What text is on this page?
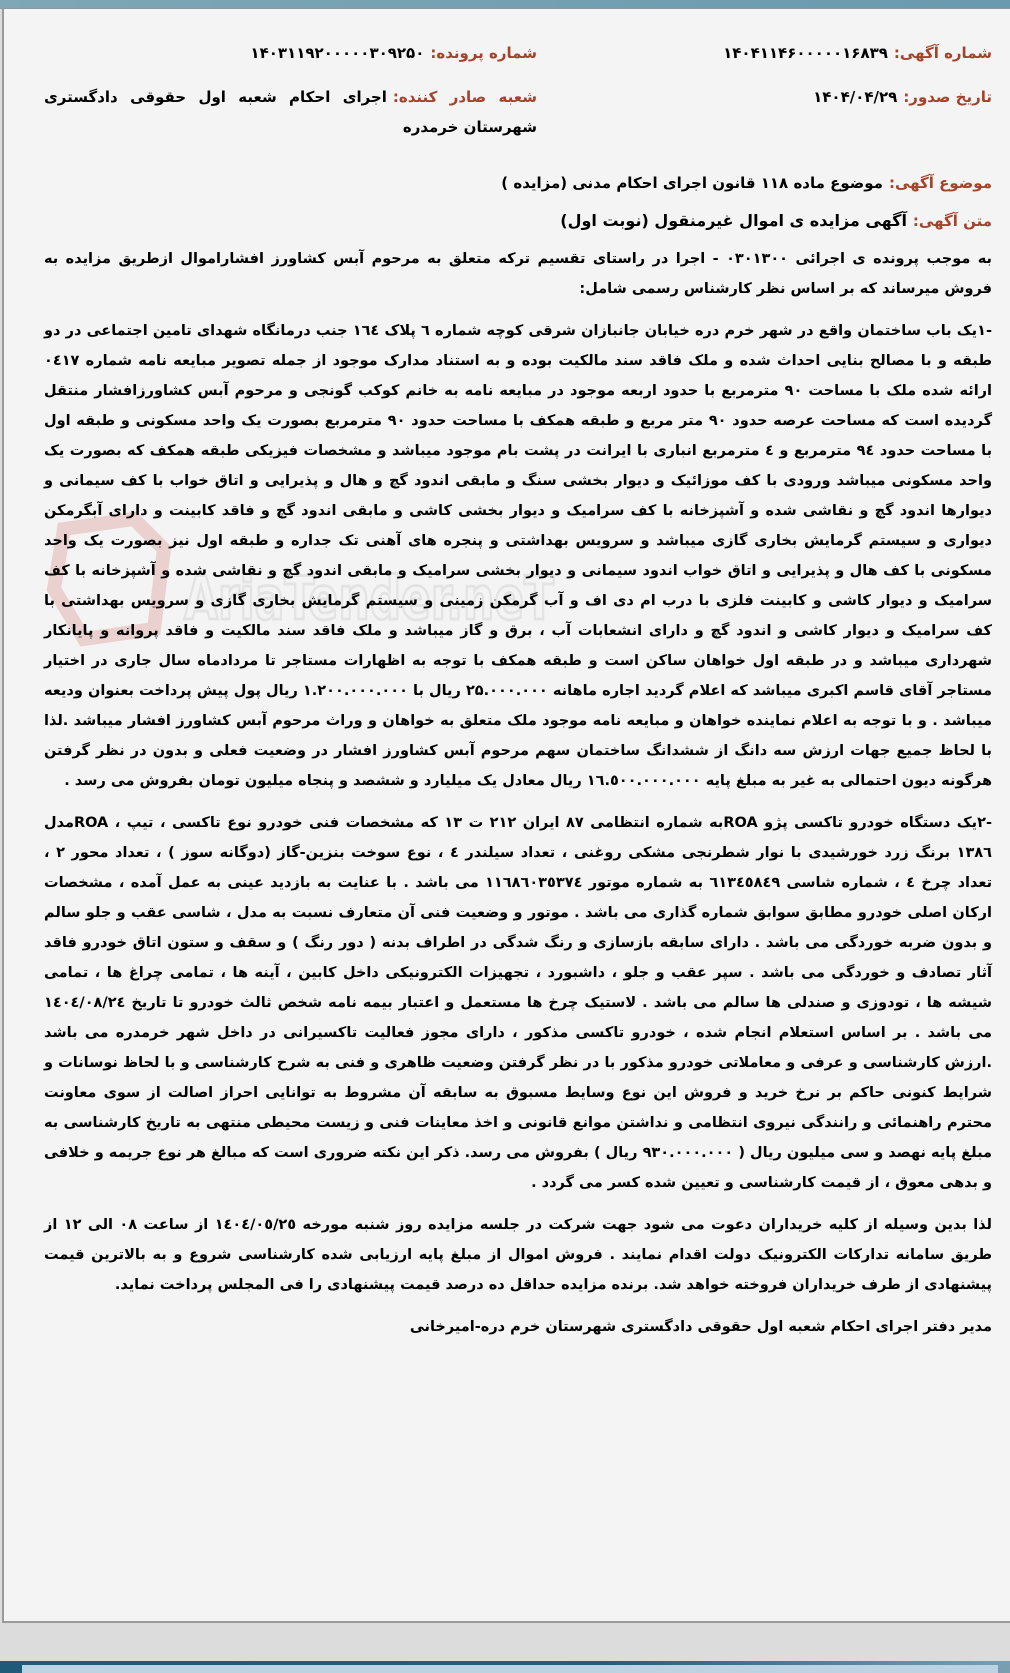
AriaTender.neT
شماره آگهی:۱۴۰۴۱۱۴۶۰۰۰۰۰۱۶۸۳۹
شماره پرونده:۱۴۰۳۱۱۹۲۰۰۰۰۰۳۰۹۲۵۰
تاریخ صدور:۱۴۰۴/۰۴/۲۹
شعبه صادر کننده:اجرای احکام شعبه اول حقوقی دادگستری شهرستان خرمدره
موضوع آگهی:موضوع ماده ۱۱۸ قانون اجرای احکام مدنی (مزایده )
متن آگهی:آگهی مزایده ی اموال غیرمنقول (نوبت اول)

به موجب پرونده ی اجرائی ۰۳۰۱۳۰۰ - اجرا در راستای تقسیم ترکه متعلق به مرحوم آبس کشاورز افشاراموال ازطریق مزایده به فروش میرساند که بر اساس نظر کارشناس رسمی شامل:

-۱یک باب ساختمان واقع در شهر خرم دره خیابان جانبازان شرقی کوچه شماره ٦ پلاک ۱٦٤ جنب درمانگاه شهدای تامین اجتماعی در دو طبقه و با مصالح بنایی احداث شده و ملک فاقد سند مالکیت بوده و به استناد مدارک موجود از جمله تصویر مبایعه نامه شماره ۰٤۱۷ ارائه شده ملک با مساحت ۹۰ مترمربع با حدود اربعه موجود در مبایعه نامه به خانم کوکب گونجی و مرحوم آبس کشاورزافشار منتقل گردیده است که مساحت عرصه حدود ۹۰ متر مربع و طبقه همکف با مساحت حدود ۹۰ مترمربع بصورت یک واحد مسکونی و طبقه اول با مساحت حدود ۹٤ مترمربع و ٤ مترمربع انباری با ایرانت در پشت بام موجود میباشد و مشخصات فیزیکی طبقه همکف که بصورت یک واحد مسکونی میباشد ورودی با کف موزائیک و دیوار بخشی سنگ و مابقی اندود گچ و هال و پذیرایی و اتاق خواب با کف سیمانی و دیوارها اندود گچ و نقاشی شده و آشپزخانه با کف سرامیک و دیوار بخشی کاشی و مابقی اندود گچ و فاقد کابینت و دارای آبگرمکن دیواری و سیستم گرمایش بخاری گازی میباشد و سرویس بهداشتی و پنجره های آهنی تک جداره و طبقه اول نیز بصورت یک واحد مسکونی با کف هال و پذیرایی و اتاق خواب اندود سیمانی و دیوار بخشی سرامیک و مابقی اندود گچ و نقاشی شده و آشپزخانه با کف سرامیک و دیوار کاشی و کابینت فلزی با درب ام دی اف و آب گرمکن زمینی و سیستم گرمایش بخاری گازی و سرویس بهداشتی با کف سرامیک و دیوار کاشی و اندود گچ و دارای انشعابات آب ، برق و گاز میباشد و ملک فاقد سند مالکیت و فاقد پروانه و پایانکار شهرداری میباشد و در طبقه اول خواهان ساکن است و طبقه همکف با توجه به اظهارات مستاجر تا مردادماه سال جاری در اختیار مستاجر آقای قاسم اکبری میباشد که اعلام گردید اجاره ماهانه ۲۵.۰۰۰.۰۰۰ ریال با ۱.۲۰۰.۰۰۰.۰۰۰ ریال پول پیش پرداخت بعنوان ودیعه میباشد . و با توجه به اعلام نماینده خواهان و مبایعه نامه موجود ملک متعلق به خواهان و وراث مرحوم آبس کشاورز افشار میباشد .لذا با لحاظ جمیع جهات ارزش سه دانگ از ششدانگ ساختمان سهم مرحوم آبس کشاورز افشار در وضعیت فعلی و بدون در نظر گرفتن هرگونه دیون احتمالی به غیر به مبلغ پایه ۱٦.٥۰۰.۰۰۰.۰۰۰ ریال معادل یک میلیارد و ششصد و پنجاه میلیون تومان بفروش می رسد .

-۲یک دستگاه خودرو تاکسی پژو ROAبه شماره انتظامی ۸۷ ایران ۲۱۲ ت ۱۳ که مشخصات فنی خودرو نوع تاکسی ، تیپ ، ROAمدل ۱۳۸٦ برنگ زرد خورشیدی با نوار شطرنجی مشکی روغنی ، تعداد سیلندر ٤ ، نوع سوخت بنزین-گاز (دوگانه سوز ) ، تعداد محور ۲ ، تعداد چرخ ٤ ، شماره شاسی ٦۱۳٤٥۸٤۹ به شماره موتور ۱۱٦۸٦۰۳٥۳۷٤ می باشد . با عنایت به بازدید عینی به عمل آمده ، مشخصات ارکان اصلی خودرو مطابق سوابق شماره گذاری می باشد . موتور و وضعیت فنی آن متعارف نسبت به مدل ، شاسی عقب و جلو سالم و بدون ضربه خوردگی می باشد . دارای سابقه بازسازی و رنگ شدگی در اطراف بدنه ( دور رنگ ) و سقف و ستون اتاق خودرو فاقد آثار تصادف و خوردگی می باشد . سپر عقب و جلو ، داشبورد ، تجهیزات الکترونیکی داخل کابین ، آینه ها ، تمامی چراغ ها ، تمامی شیشه ها ، تودوزی و صندلی ها سالم می باشد . لاستیک چرخ ها مستعمل و اعتبار بیمه نامه شخص ثالث خودرو تا تاریخ ۱٤۰٤/۰۸/۲٤ می باشد . بر اساس استعلام انجام شده ، خودرو تاکسی مذکور ، دارای مجوز فعالیت تاکسیرانی در داخل شهر خرمدره می باشد .ارزش کارشناسی و عرفی و معاملاتی خودرو مذکور با در نظر گرفتن وضعیت ظاهری و فنی به شرح کارشناسی و با لحاظ نوسانات و شرایط کنونی حاکم بر نرخ خرید و فروش این نوع وسایط مسبوق به سابقه آن مشروط به توانایی احراز اصالت از سوی معاونت محترم راهنمائی و رانندگی نیروی انتظامی و نداشتن موانع قانونی و اخذ معاینات فنی و زیست محیطی منتهی به تاریخ کارشناسی به مبلغ پایه نهصد و سی میلیون ریال ( ۹۳۰.۰۰۰.۰۰۰ ریال ) بفروش می رسد. ذکر این نکته ضروری است که مبالغ هر نوع جریمه و خلافی و بدهی معوق ، از قیمت کارشناسی و تعیین شده کسر می گردد .

لذا بدین وسیله از کلیه خریداران دعوت می شود جهت شرکت در جلسه مزایده روز شنبه مورخه ۱٤۰٤/۰٥/۲٥ از ساعت ۰۸ الی ۱۲ از طریق سامانه تدارکات الکترونیک دولت اقدام نمایند . فروش اموال از مبلغ پایه ارزیابی شده کارشناسی شروع و به بالاترین قیمت پیشنهادی از طرف خریداران فروخته خواهد شد. برنده مزایده حداقل ده درصد قیمت پیشنهادی را فی المجلس پرداخت نماید.

مدیر دفتر اجرای احکام شعبه اول حقوقی دادگستری شهرستان خرم دره-امیرخانی
